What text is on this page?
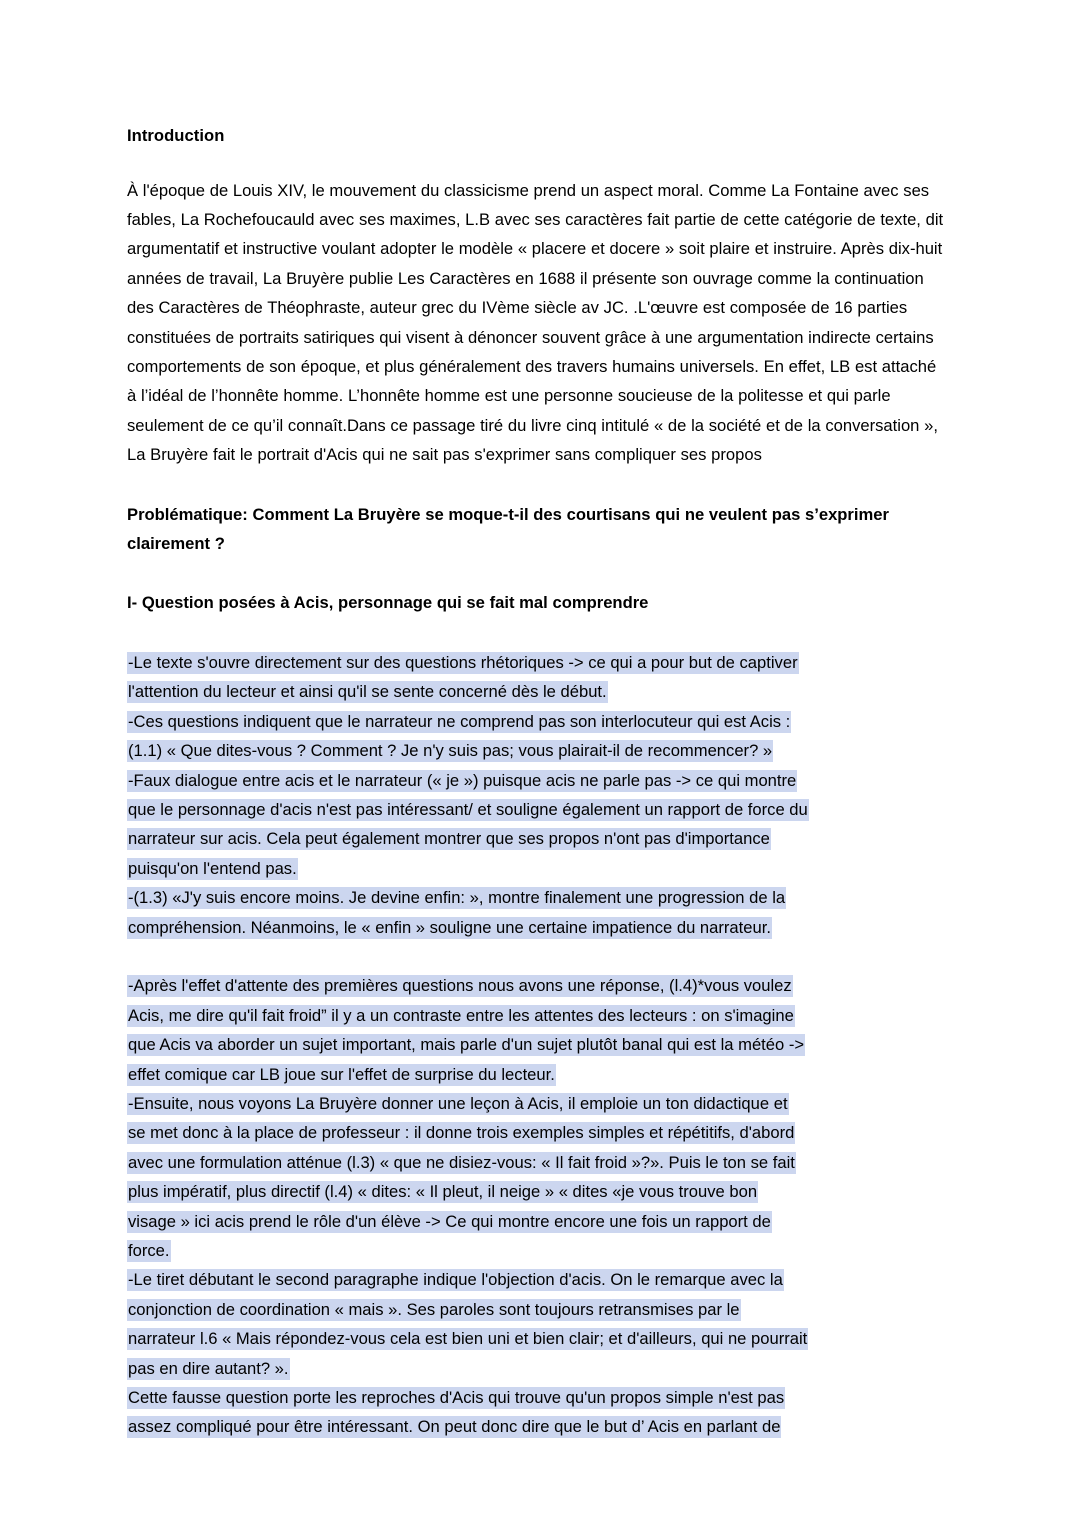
Introduction

À l'époque de Louis XIV, le mouvement du classicisme prend un aspect moral. Comme La Fontaine avec ses fables, La Rochefoucauld avec ses maximes, L.B avec ses caractères fait partie de cette catégorie de texte, dit argumentatif et instructive voulant adopter le modèle « placere et docere » soit plaire et instruire. Après dix-huit années de travail, La Bruyère publie Les Caractères en 1688 il présente son ouvrage comme la continuation des Caractères de Théophraste, auteur grec du IVème siècle av JC. .L'œuvre est composée de 16 parties constituées de portraits satiriques qui visent à dénoncer souvent grâce à une argumentation indirecte certains comportements de son époque, et plus généralement des travers humains universels. En effet, LB est attaché à l’idéal de l’honnête homme. L’honnête homme est une personne soucieuse de la politesse et qui parle seulement de ce qu’il connaît.Dans ce passage tiré du livre cinq intitulé « de la société et de la conversation », La Bruyère fait le portrait d'Acis qui ne sait pas s'exprimer sans compliquer ses propos

Problématique: Comment La Bruyère se moque-t-il des courtisans qui ne veulent pas s’exprimer clairement ?

I- Question posées à Acis, personnage qui se fait mal comprendre
-Le texte s'ouvre directement sur des questions rhétoriques -> ce qui a pour but de captiver
l'attention du lecteur et ainsi qu'il se sente concerné dès le début.
-Ces questions indiquent que le narrateur ne comprend pas son interlocuteur qui est Acis :
(1.1) « Que dites-vous ? Comment ? Je n'y suis pas; vous plairait-il de recommencer? »
-Faux dialogue entre acis et le narrateur (« je ») puisque acis ne parle pas -> ce qui montre
que le personnage d'acis n'est pas intéressant/ et souligne également un rapport de force du
narrateur sur acis. Cela peut également montrer que ses propos n'ont pas d'importance
puisqu'on l'entend pas.
-(1.3) «J'y suis encore moins. Je devine enfin: », montre finalement une progression de la
compréhension. Néanmoins, le « enfin » souligne une certaine impatience du narrateur.
-Après l'effet d'attente des premières questions nous avons une réponse, (l.4)*vous voulez
Acis, me dire qu'il fait froid” il y a un contraste entre les attentes des lecteurs : on s'imagine
que Acis va aborder un sujet important, mais parle d'un sujet plutôt banal qui est la météo ->
effet comique car LB joue sur l'effet de surprise du lecteur.
-Ensuite, nous voyons La Bruyère donner une leçon à Acis, il emploie un ton didactique et
se met donc à la place de professeur : il donne trois exemples simples et répétitifs, d'abord
avec une formulation atténue (l.3) « que ne disiez-vous: « Il fait froid »?». Puis le ton se fait
plus impératif, plus directif (l.4) « dites: « Il pleut, il neige » « dites «je vous trouve bon
visage » ici acis prend le rôle d'un élève -> Ce qui montre encore une fois un rapport de
force.
-Le tiret débutant le second paragraphe indique l'objection d'acis. On le remarque avec la
conjonction de coordination « mais ». Ses paroles sont toujours retransmises par le
narrateur l.6 « Mais répondez-vous cela est bien uni et bien clair; et d'ailleurs, qui ne pourrait
pas en dire autant? ».
Cette fausse question porte les reproches d'Acis qui trouve qu'un propos simple n'est pas
assez compliqué pour être intéressant. On peut donc dire que le but d’ Acis en parlant de
